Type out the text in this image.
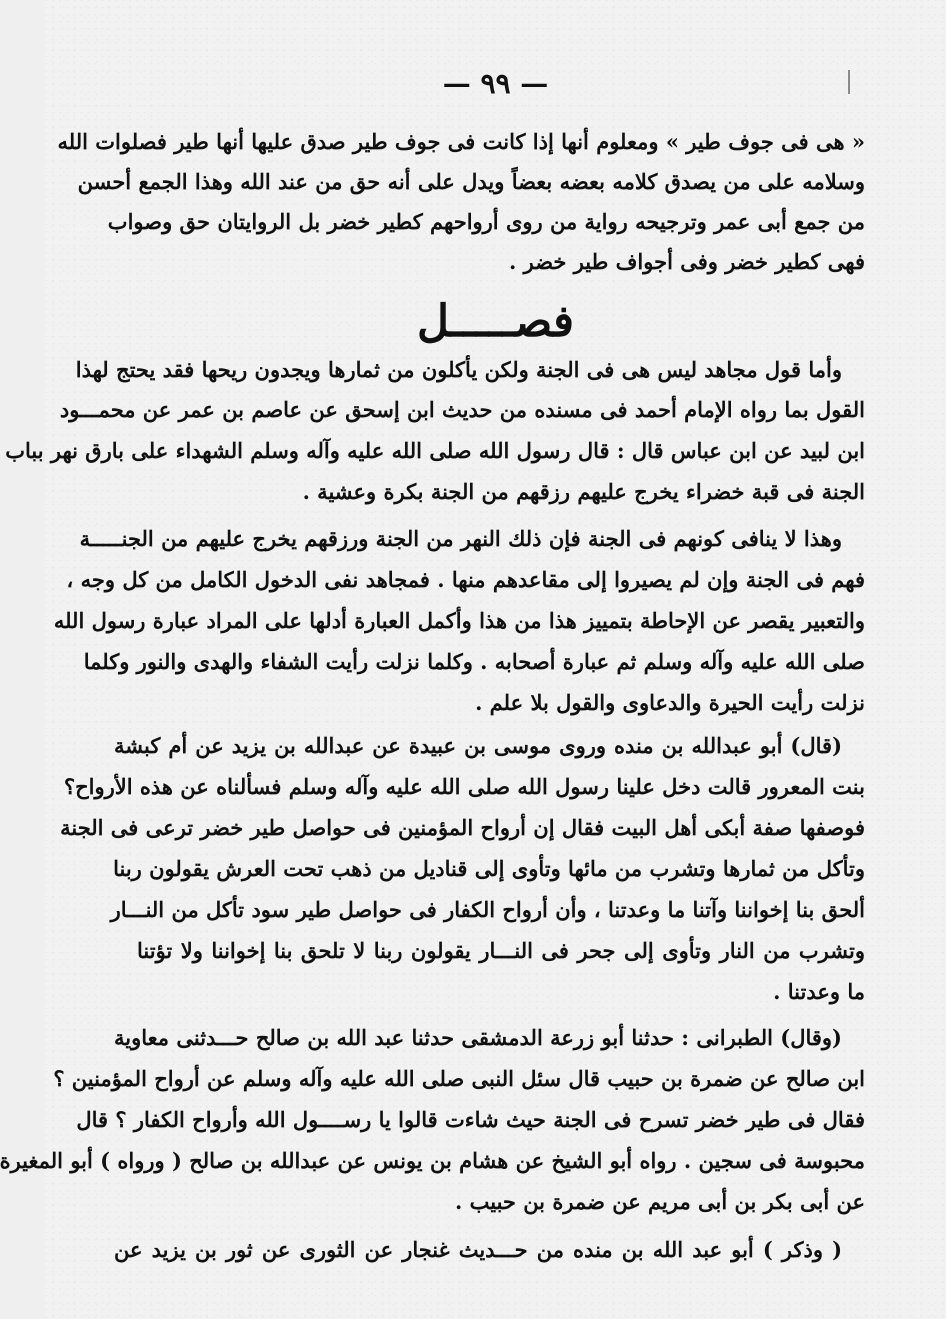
— ٩٩ —
« هى فى جوف طير » ومعلوم أنها إذا كانت فى جوف طير صدق عليها أنها طير فصلوات الله
وسلامه على من يصدق كلامه بعضه بعضاً ويدل على أنه حق من عند الله وهذا الجمع أحسن
من جمع أبى عمر وترجيحه رواية من روى أرواحهم كطير خضر بل الروايتان حق وصواب
فهى كطير خضر وفى أجواف طير خضر .
فصـــــل
وأما قول مجاهد ليس هى فى الجنة ولكن يأكلون من ثمارها ويجدون ريحها فقد يحتج لهذا
القول بما رواه الإمام أحمد فى مسنده من حديث ابن إسحق عن عاصم بن عمر عن محمـــود
ابن لبيد عن ابن عباس قال : قال رسول الله صلى الله عليه وآله وسلم الشهداء على بارق نهر بباب
الجنة فى قبة خضراء يخرج عليهم رزقهم من الجنة بكرة وعشية .
وهذا لا ينافى كونهم فى الجنة فإن ذلك النهر من الجنة ورزقهم يخرج عليهم من الجنـــــة
فهم فى الجنة وإن لم يصيروا إلى مقاعدهم منها . فمجاهد نفى الدخول الكامل من كل وجه ،
والتعبير يقصر عن الإحاطة بتمييز هذا من هذا وأكمل العبارة أدلها على المراد عبارة رسول الله
صلى الله عليه وآله وسلم ثم عبارة أصحابه . وكلما نزلت رأيت الشفاء والهدى والنور وكلما
نزلت رأيت الحيرة والدعاوى والقول بلا علم .
(قال) أبو عبدالله بن منده وروى موسى بن عبيدة عن عبدالله بن يزيد عن أم كبشة
بنت المعرور قالت دخل علينا رسول الله صلى الله عليه وآله وسلم فسألناه عن هذه الأرواح؟
فوصفها صفة أبكى أهل البيت فقال إن أرواح المؤمنين فى حواصل طير خضر ترعى فى الجنة
وتأكل من ثمارها وتشرب من مائها وتأوى إلى قناديل من ذهب تحت العرش يقولون ربنا
ألحق بنا إخواننا وآتنا ما وعدتنا ، وأن أرواح الكفار فى حواصل طير سود تأكل من النـــار
وتشرب من النار وتأوى إلى جحر فى النـــار يقولون ربنا لا تلحق بنا إخواننا ولا تؤتنا
ما وعدتنا .
(وقال) الطبرانى : حدثنا أبو زرعة الدمشقى حدثنا عبد الله بن صالح حـــدثنى معاوية
ابن صالح عن ضمرة بن حبيب قال سئل النبى صلى الله عليه وآله وسلم عن أرواح المؤمنين ؟
فقال فى طير خضر تسرح فى الجنة حيث شاءت قالوا يا رســــول الله وأرواح الكفار ؟ قال
محبوسة فى سجين . رواه أبو الشيخ عن هشام بن يونس عن عبدالله بن صالح ( ورواه ) أبو المغيرة
عن أبى بكر بن أبى مريم عن ضمرة بن حبيب .
( وذكر ) أبو عبد الله بن منده من حـــديث غنجار عن الثورى عن ثور بن يزيد عن
